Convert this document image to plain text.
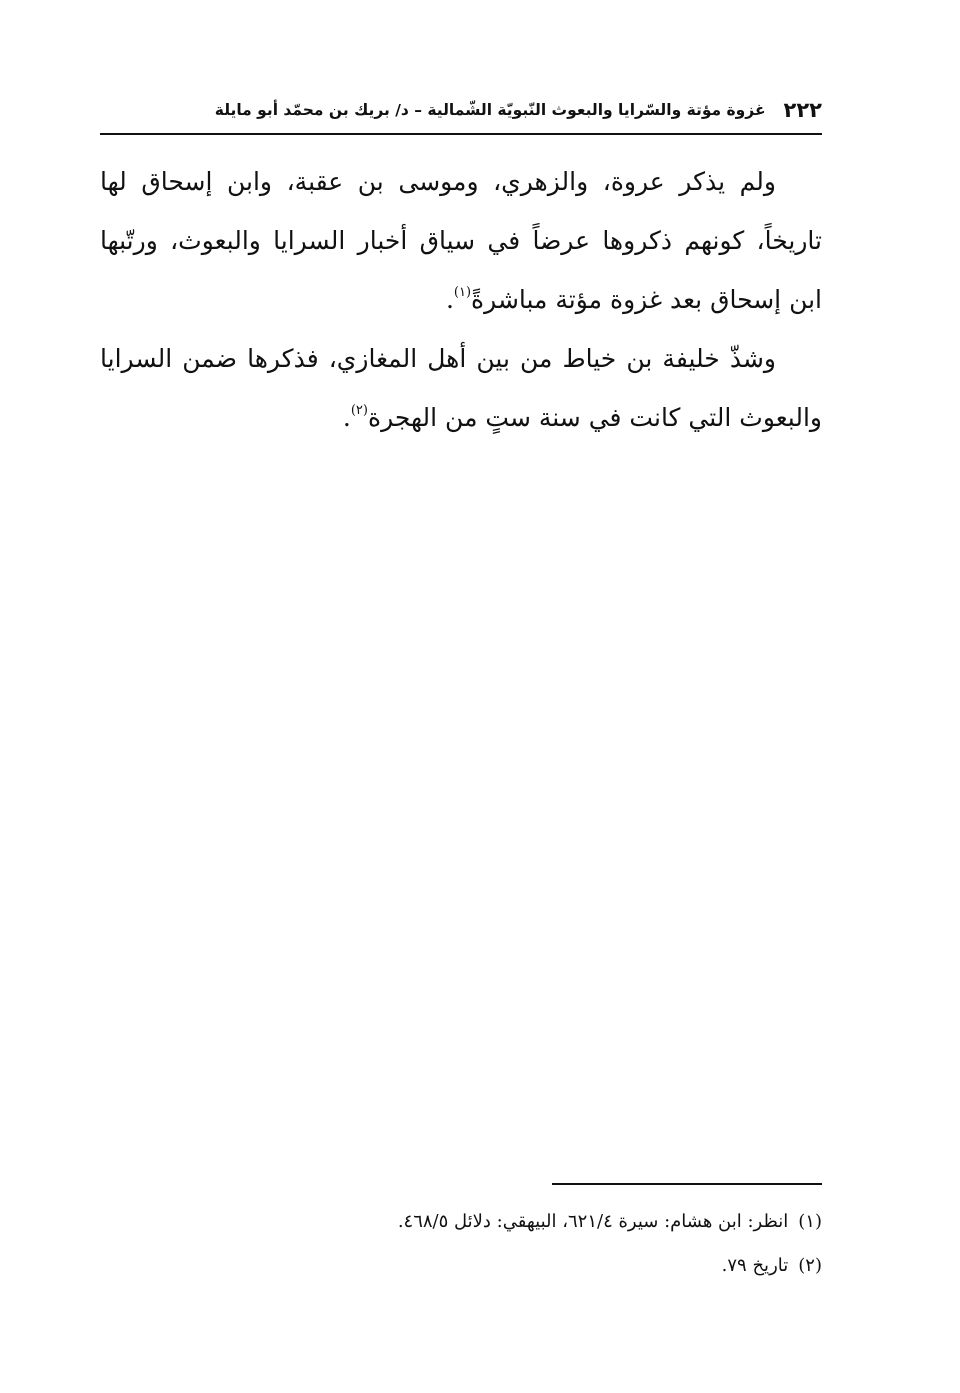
٢٢٢
غزوة مؤتة والسّرايا والبعوث النّبويّة الشّمالية – د/ بريك بن محمّد أبو مايلة

ولم يذكر عروة، والزهري، وموسى بن عقبة، وابن إسحاق لها تاريخاً، كونهم ذكروها عرضاً في سياق أخبار السرايا والبعوث، ورتّبها ابن إسحاق بعد غزوة مؤتة مباشرةً$^{(١)}$.

وشذّ خليفة بن خياط من بين أهل المغازي، فذكرها ضمن السرايا والبعوث التي كانت في سنة ستٍ من الهجرة$^{(٢)}$.

(١)انظر: ابن هشام: سيرة ٦٢١/٤، البيهقي: دلائل ٤٦٨/٥.

(٢)تاريخ ٧٩.
